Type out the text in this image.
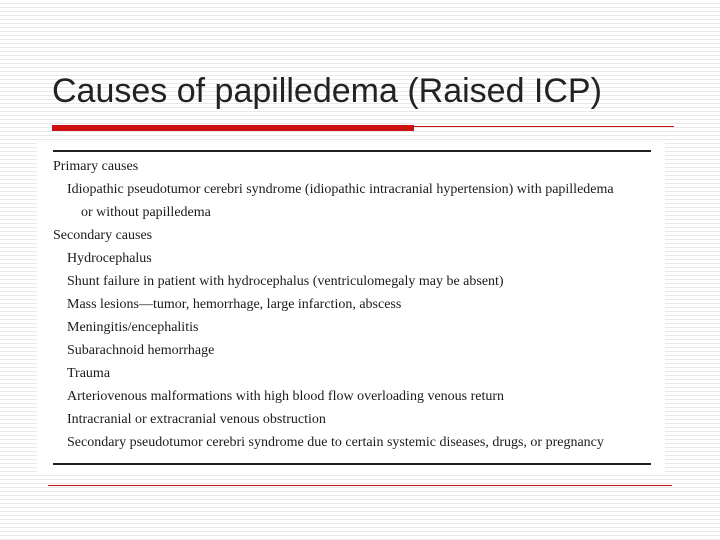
Causes of papilledema (Raised ICP)
Primary causes
Idiopathic pseudotumor cerebri syndrome (idiopathic intracranial hypertension) with papilledema
or without papilledema
Secondary causes
Hydrocephalus
Shunt failure in patient with hydrocephalus (ventriculomegaly may be absent)
Mass lesions—tumor, hemorrhage, large infarction, abscess
Meningitis/encephalitis
Subarachnoid hemorrhage
Trauma
Arteriovenous malformations with high blood flow overloading venous return
Intracranial or extracranial venous obstruction
Secondary pseudotumor cerebri syndrome due to certain systemic diseases, drugs, or pregnancy
